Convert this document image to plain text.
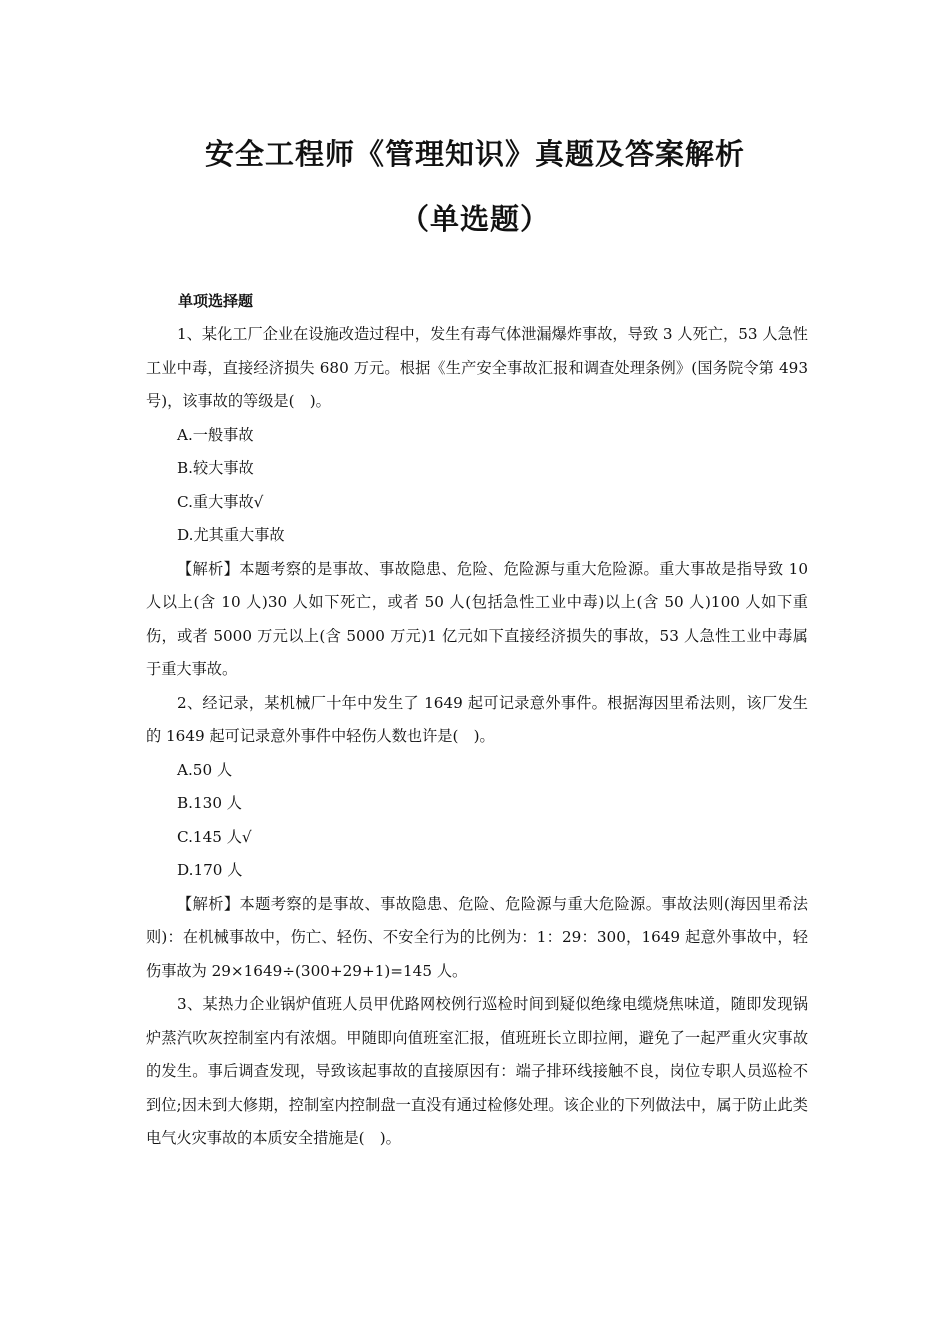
安全工程师《管理知识》真题及答案解析
（单选题）
单项选择题

1、某化工厂企业在设施改造过程中，发生有毒气体泄漏爆炸事故，导致 3 人死亡，53 人急性工业中毒，直接经济损失 680 万元。根据《生产安全事故汇报和调查处理条例》(国务院令第 493 号)，该事故的等级是(　)。

A.一般事故

B.较大事故

C.重大事故√

D.尤其重大事故

【解析】本题考察的是事故、事故隐患、危险、危险源与重大危险源。重大事故是指导致 10 人以上(含 10 人)30 人如下死亡，或者 50 人(包括急性工业中毒)以上(含 50 人)100 人如下重伤，或者 5000 万元以上(含 5000 万元)1 亿元如下直接经济损失的事故，53 人急性工业中毒属于重大事故。

2、经记录，某机械厂十年中发生了 1649 起可记录意外事件。根据海因里希法则，该厂发生的 1649 起可记录意外事件中轻伤人数也许是(　)。

A.50 人

B.130 人

C.145 人√

D.170 人

【解析】本题考察的是事故、事故隐患、危险、危险源与重大危险源。事故法则(海因里希法则)：在机械事故中，伤亡、轻伤、不安全行为的比例为：1：29：300，1649 起意外事故中，轻伤事故为 29×1649÷(300+29+1)=145 人。

3、某热力企业锅炉值班人员甲优路网校例行巡检时间到疑似绝缘电缆烧焦味道，随即发现锅炉蒸汽吹灰控制室内有浓烟。甲随即向值班室汇报，值班班长立即拉闸，避免了一起严重火灾事故的发生。事后调查发现，导致该起事故的直接原因有：端子排环线接触不良，岗位专职人员巡检不到位;因未到大修期，控制室内控制盘一直没有通过检修处理。该企业的下列做法中，属于防止此类电气火灾事故的本质安全措施是(　)。
